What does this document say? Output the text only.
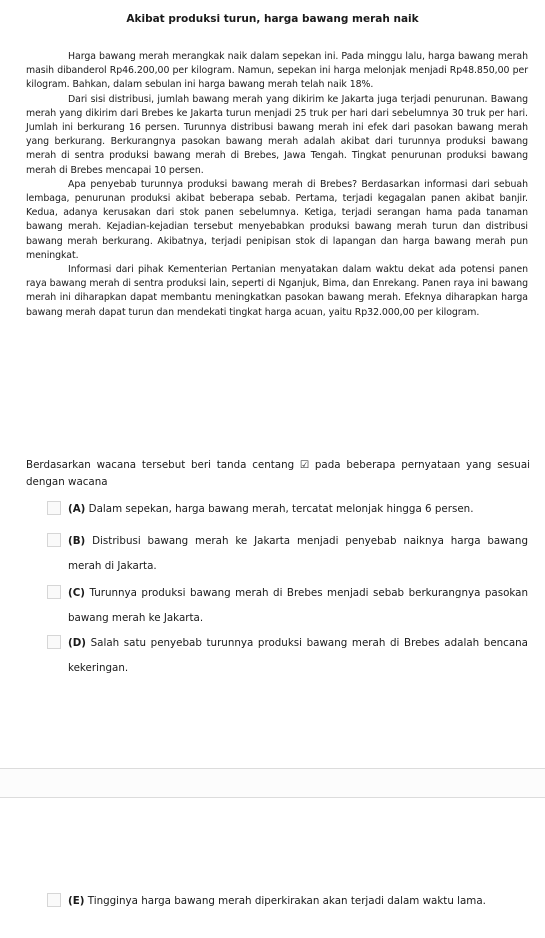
Akibat produksi turun, harga bawang merah naik

Harga bawang merah merangkak naik dalam sepekan ini. Pada minggu lalu, harga bawang merah masih dibanderol Rp46.200,00 per kilogram. Namun, sepekan ini harga melonjak menjadi Rp48.850,00 per kilogram. Bahkan, dalam sebulan ini harga bawang merah telah naik 18%.

Dari sisi distribusi, jumlah bawang merah yang dikirim ke Jakarta juga terjadi penurunan. Bawang merah yang dikirim dari Brebes ke Jakarta turun menjadi 25 truk per hari dari sebelumnya 30 truk per hari. Jumlah ini berkurang 16 persen. Turunnya distribusi bawang merah ini efek dari pasokan bawang merah yang berkurang. Berkurangnya pasokan bawang merah adalah akibat dari turunnya produksi bawang merah di sentra produksi bawang merah di Brebes, Jawa Tengah. Tingkat penurunan produksi bawang merah di Brebes mencapai 10 persen.

Apa penyebab turunnya produksi bawang merah di Brebes? Berdasarkan informasi dari sebuah lembaga, penurunan produksi akibat beberapa sebab. Pertama, terjadi kegagalan panen akibat banjir. Kedua, adanya kerusakan dari stok panen sebelumnya. Ketiga, terjadi serangan hama pada tanaman bawang merah. Kejadian-kejadian tersebut menyebabkan produksi bawang merah turun dan distribusi bawang merah berkurang. Akibatnya, terjadi penipisan stok di lapangan dan harga bawang merah pun meningkat.

Informasi dari pihak Kementerian Pertanian menyatakan dalam waktu dekat ada potensi panen raya bawang merah di sentra produksi lain, seperti di Nganjuk, Bima, dan Enrekang. Panen raya ini bawang merah ini diharapkan dapat membantu meningkatkan pasokan bawang merah. Efeknya diharapkan harga bawang merah dapat turun dan mendekati tingkat harga acuan, yaitu Rp32.000,00 per kilogram.

Berdasarkan wacana tersebut beri tanda centang ☑ pada beberapa pernyataan yang sesuai dengan wacana
(A) Dalam sepekan, harga bawang merah, tercatat melonjak hingga 6 persen.
(B) Distribusi bawang merah ke Jakarta menjadi penyebab naiknya harga bawang merah di Jakarta.
(C) Turunnya produksi bawang merah di Brebes menjadi sebab berkurangnya pasokan bawang merah ke Jakarta.
(D) Salah satu penyebab turunnya produksi bawang merah di Brebes adalah bencana kekeringan.
(E) Tingginya harga bawang merah diperkirakan akan terjadi dalam waktu lama.
